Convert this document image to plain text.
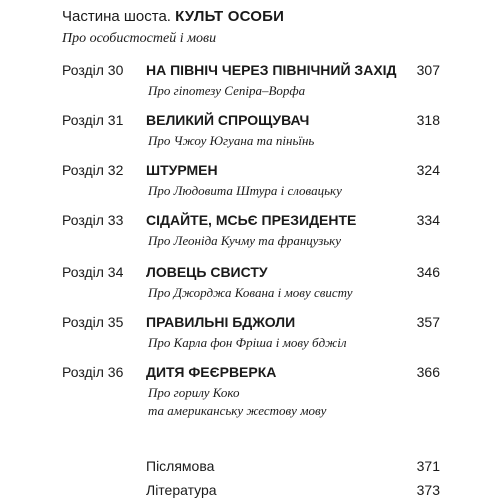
Частина шоста. КУЛЬТ ОСОБИ
Про особистостей і мови
Розділ 30 НА ПІВНІЧ ЧЕРЕЗ ПІВНІЧНИЙ ЗАХІД 307
Про гіпотезу Сепіра–Ворфа
Розділ 31 ВЕЛИКИЙ СПРОЩУВАЧ	318
Про Чжоу Югуана та піньїнь
Розділ 32 ШТУРМЕН	324
Про Людовита Штура і словацьку
Розділ 33 СІДАЙТЕ, МСЬЄ ПРЕЗИДЕНТЕ	334
Про Леоніда Кучму та французьку
Розділ 34 ЛОВЕЦЬ СВИСТУ	346
Про Джорджа Кована і мову свисту
Розділ 35 ПРАВИЛЬНІ БДЖОЛИ	357
Про Карла фон Фріша і мову бджіл
Розділ 36 ДИТЯ ФЕЄРВЕРКА	366
Про горилу Коко
та американську жестову мову
Післямова	371
Література	373
